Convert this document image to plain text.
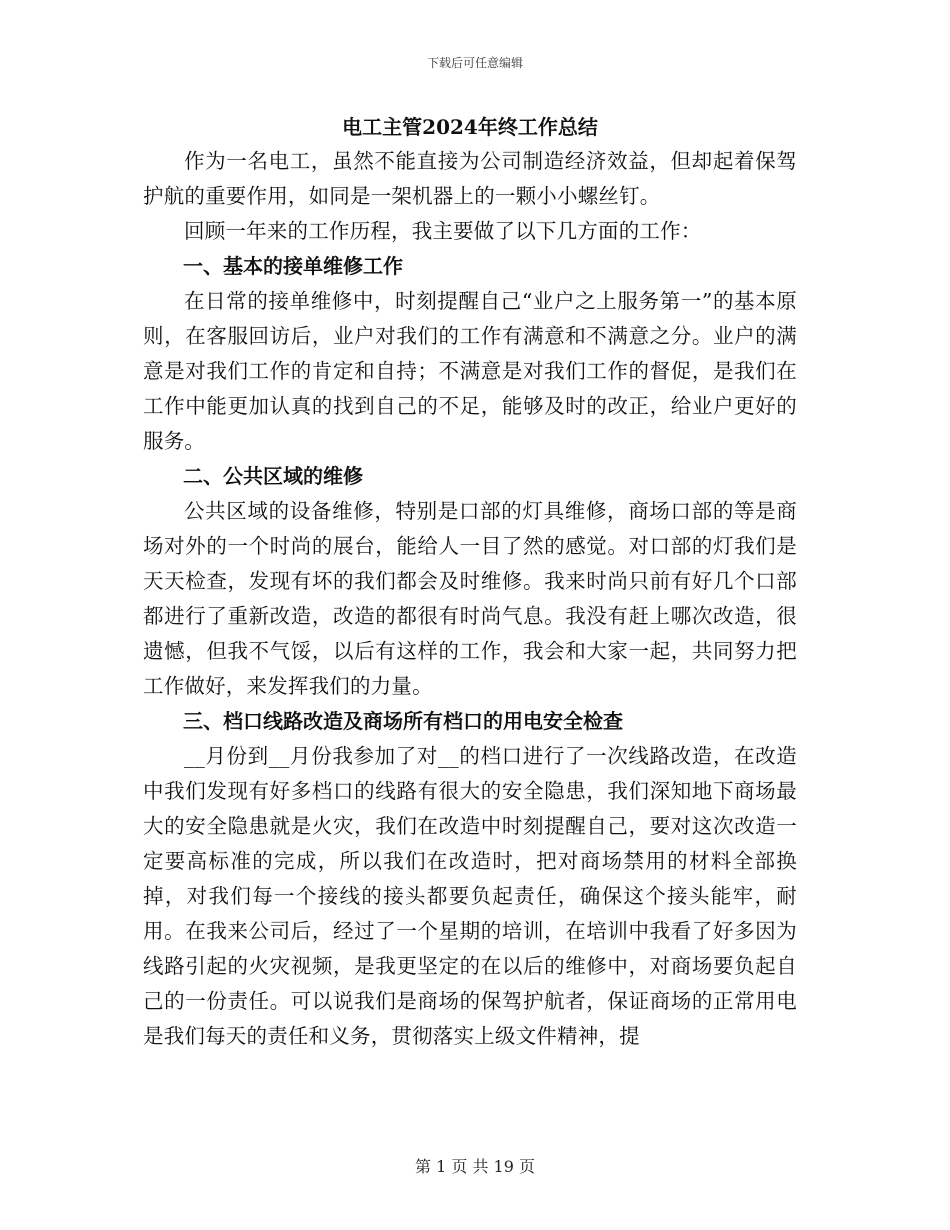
下载后可任意编辑
电工主管2024年终工作总结

作为一名电工，虽然不能直接为公司制造经济效益，但却起着保驾护航的重要作用，如同是一架机器上的一颗小小螺丝钉。

回顾一年来的工作历程，我主要做了以下几方面的工作：

一、基本的接单维修工作

在日常的接单维修中，时刻提醒自己“业户之上服务第一”的基本原则，在客服回访后，业户对我们的工作有满意和不满意之分。业户的满意是对我们工作的肯定和自持；不满意是对我们工作的督促，是我们在工作中能更加认真的找到自己的不足，能够及时的改正，给业户更好的服务。

二、公共区域的维修

公共区域的设备维修，特别是口部的灯具维修，商场口部的等是商场对外的一个时尚的展台，能给人一目了然的感觉。对口部的灯我们是天天检查，发现有坏的我们都会及时维修。我来时尚只前有好几个口部都进行了重新改造，改造的都很有时尚气息。我没有赶上哪次改造，很遗憾，但我不气馁，以后有这样的工作，我会和大家一起，共同努力把工作做好，来发挥我们的力量。

三、档口线路改造及商场所有档口的用电安全检查

__月份到__月份我参加了对__的档口进行了一次线路改造，在改造中我们发现有好多档口的线路有很大的安全隐患，我们深知地下商场最大的安全隐患就是火灾，我们在改造中时刻提醒自己，要对这次改造一定要高标准的完成，所以我们在改造时，把对商场禁用的材料全部换掉，对我们每一个接线的接头都要负起责任，确保这个接头能牢，耐用。在我来公司后，经过了一个星期的培训，在培训中我看了好多因为线路引起的火灾视频，是我更坚定的在以后的维修中，对商场要负起自己的一份责任。可以说我们是商场的保驾护航者，保证商场的正常用电是我们每天的责任和义务，贯彻落实上级文件精神，提

第 1 页 共 19 页
